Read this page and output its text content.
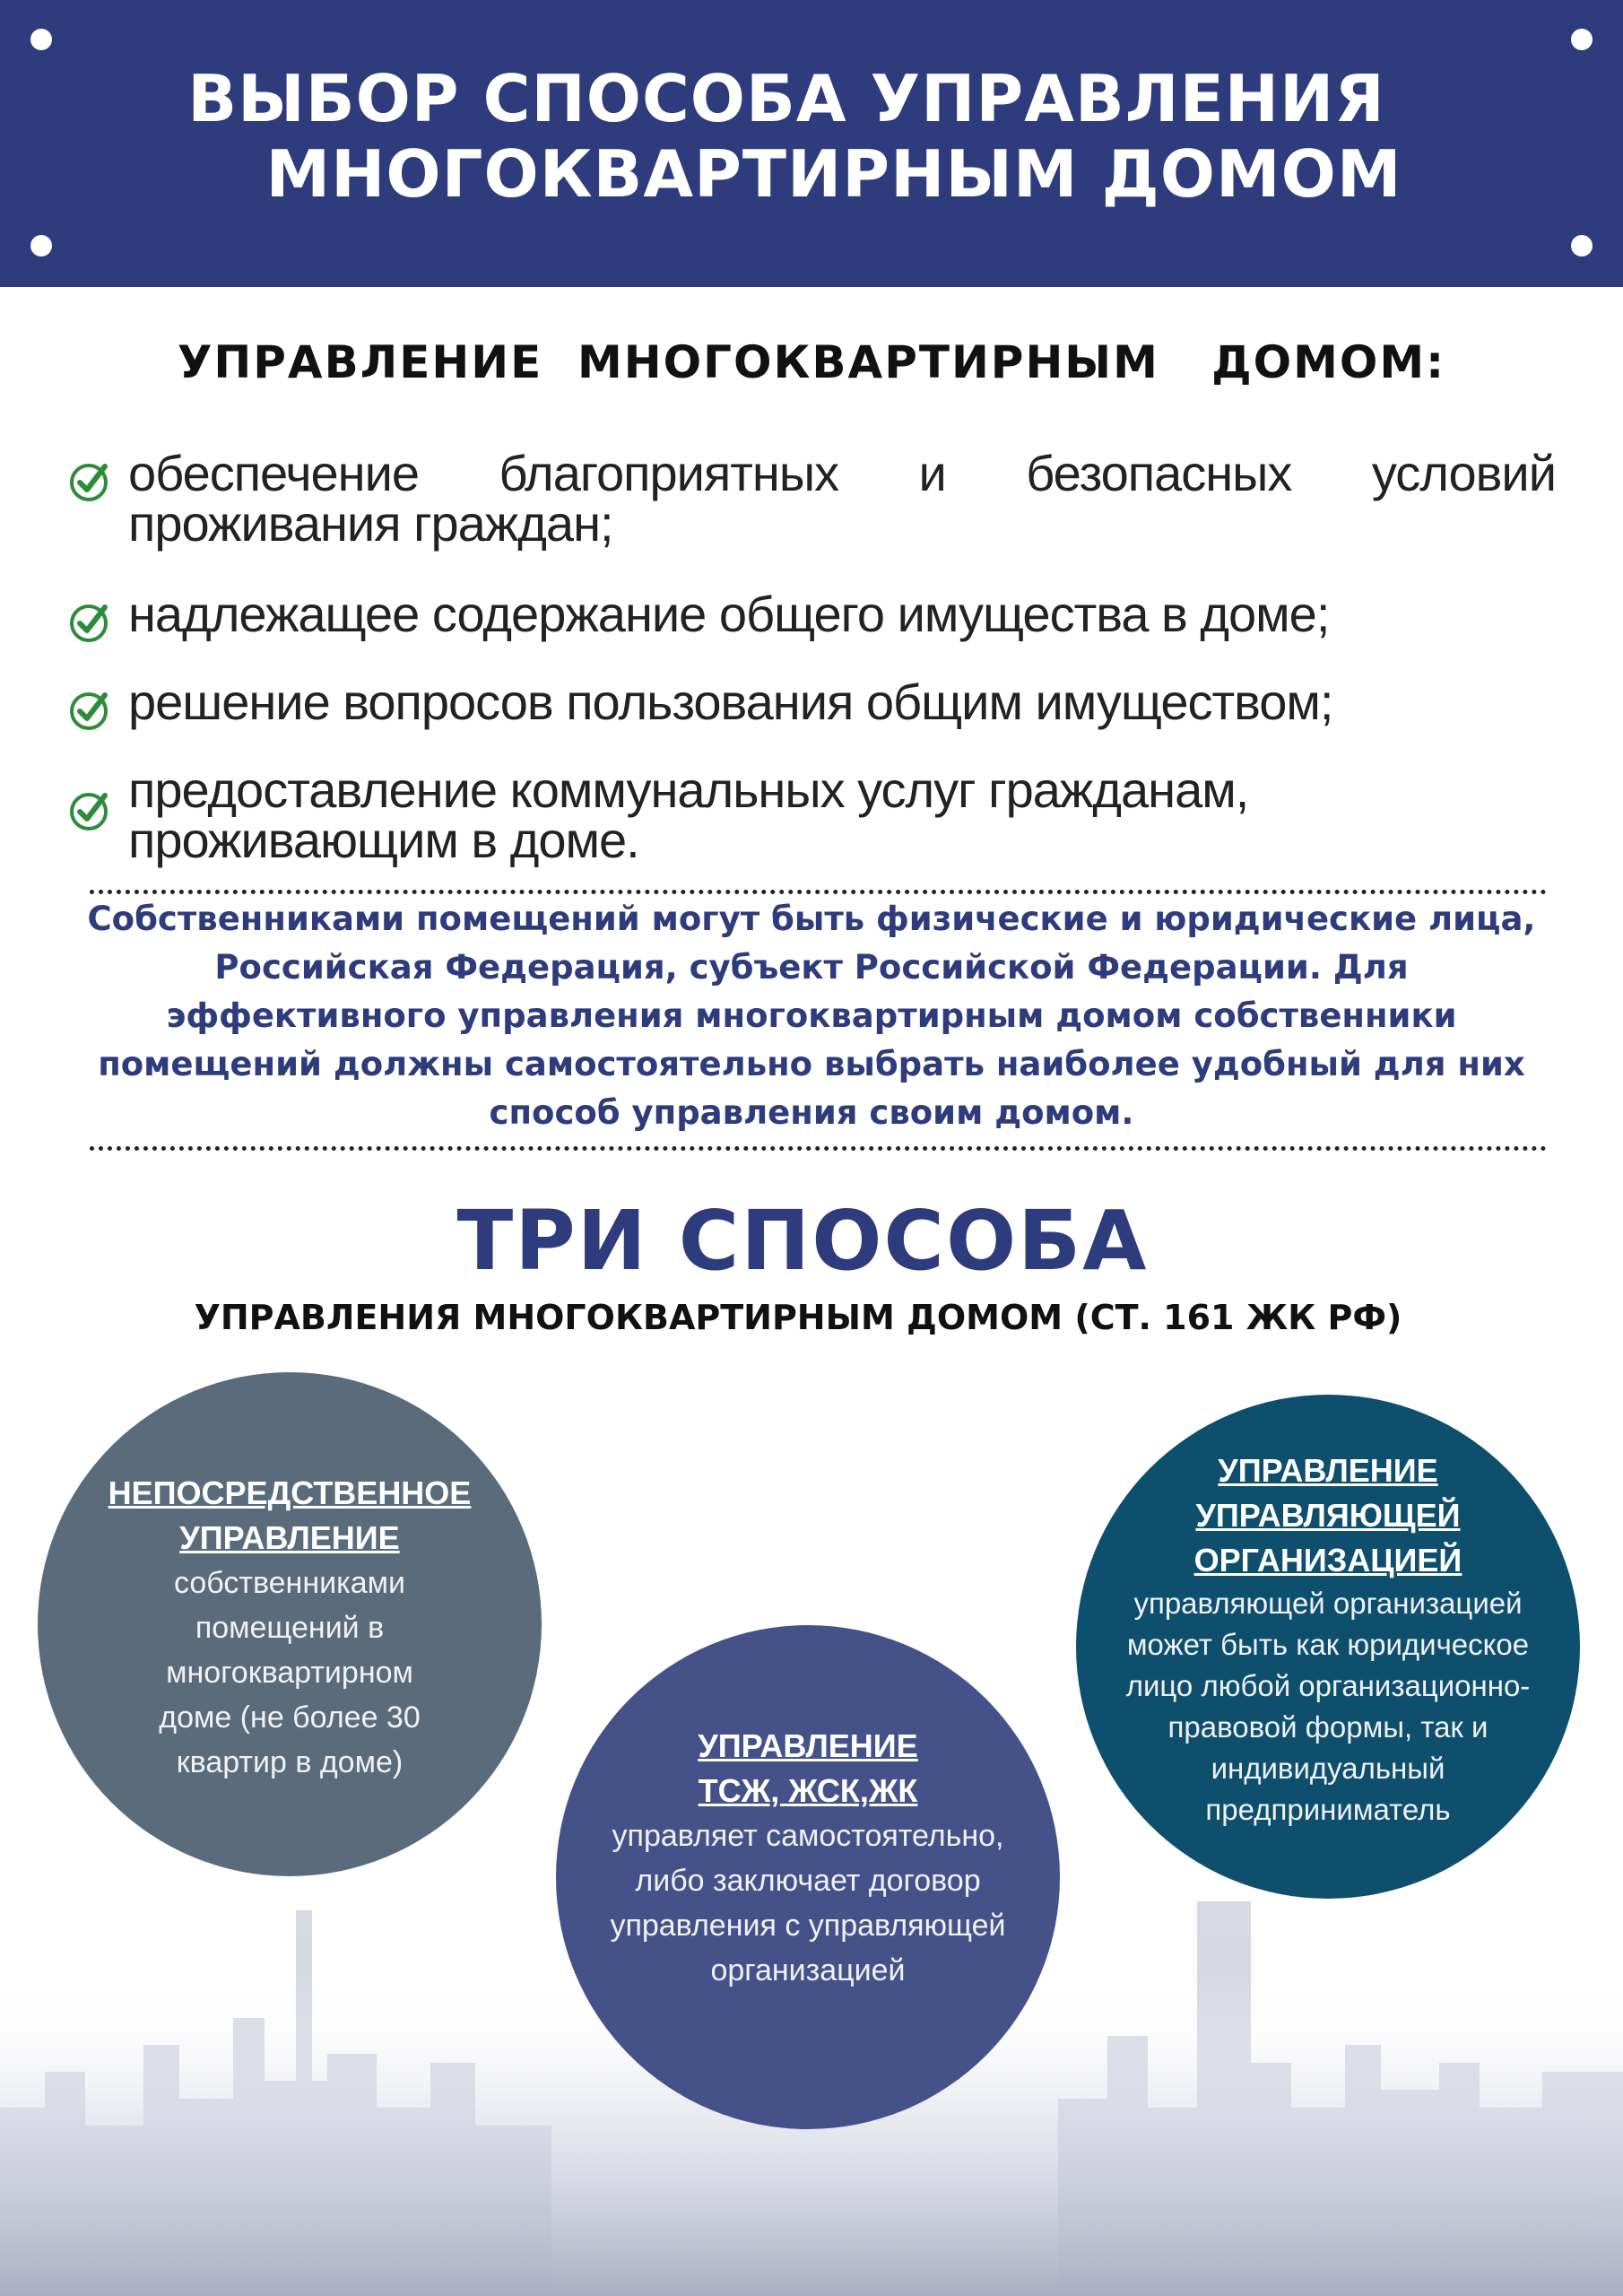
ВЫБОР СПОСОБА УПРАВЛЕНИЯ
МНОГОКВАРТИРНЫМ ДОМОМ
УПРАВЛЕНИЕ  МНОГОКВАРТИРНЫМ   ДОМОМ:
обеспечение благоприятных и безопасных условий проживания граждан;
надлежащее содержание общего имущества в доме;
решение вопросов пользования общим имуществом;
предоставление коммунальных услуг гражданам, проживающим в доме.
Собственниками помещений могут быть физические и юридические лица, Российская Федерация, субъект Российской Федерации. Для эффективного управления многоквартирным домом собственники помещений должны самостоятельно выбрать наиболее удобный для них способ управления своим домом.
ТРИ СПОСОБА
УПРАВЛЕНИЯ МНОГОКВАРТИРНЫМ ДОМОМ (СТ. 161 ЖК РФ)
НЕПОСРЕДСТВЕННОЕ
УПРАВЛЕНИЕ
собственниками
помещений в
многоквартирном
доме (не более 30
квартир в доме)	УПРАВЛЕНИЕ
ТСЖ, ЖСК,ЖК
управляет самостоятельно,
либо заключает договор
управления с управляющей
организацией
УПРАВЛЕНИЕ
УПРАВЛЯЮЩЕЙ
ОРГАНИЗАЦИЕЙ
управляющей организацией
может быть как юридическое
лицо любой организационно-
правовой формы, так и
индивидуальный
предприниматель
